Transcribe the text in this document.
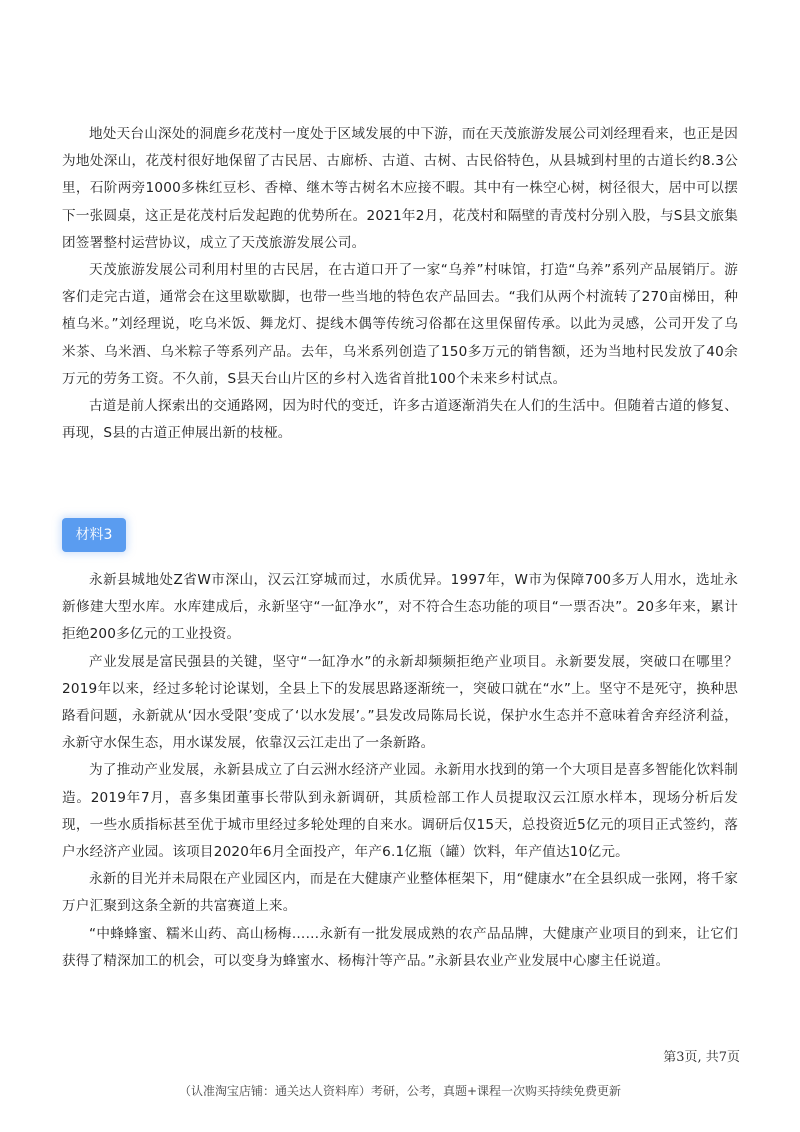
地处天台山深处的洞鹿乡花茂村一度处于区域发展的中下游，而在天茂旅游发展公司刘经理看来，也正是因为地处深山，花茂村很好地保留了古民居、古廊桥、古道、古树、古民俗特色，从县城到村里的古道长约8.3公里，石阶两旁1000多株红豆杉、香樟、继木等古树名木应接不暇。其中有一株空心树，树径很大，居中可以摆下一张圆桌，这正是花茂村后发起跑的优势所在。2021年2月，花茂村和隔壁的青茂村分别入股，与S县文旅集团签署整村运营协议，成立了天茂旅游发展公司。

天茂旅游发展公司利用村里的古民居，在古道口开了一家“乌养”村味馆，打造“乌养”系列产品展销厅。游客们走完古道，通常会在这里歇歇脚，也带一些当地的特色农产品回去。“我们从两个村流转了270亩梯田，种植乌米。”刘经理说，吃乌米饭、舞龙灯、提线木偶等传统习俗都在这里保留传承。以此为灵感，公司开发了乌米茶、乌米酒、乌米粽子等系列产品。去年，乌米系列创造了150多万元的销售额，还为当地村民发放了40余万元的劳务工资。不久前，S县天台山片区的乡村入选省首批100个未来乡村试点。

古道是前人探索出的交通路网，因为时代的变迁，许多古道逐渐消失在人们的生活中。但随着古道的修复、再现，S县的古道正伸展出新的枝桠。

材料3

永新县城地处Z省W市深山，汉云江穿城而过，水质优异。1997年，W市为保障700多万人用水，选址永新修建大型水库。水库建成后，永新坚守“一缸净水”，对不符合生态功能的项目“一票否决”。20多年来，累计拒绝200多亿元的工业投资。

产业发展是富民强县的关键，坚守“一缸净水”的永新却频频拒绝产业项目。永新要发展，突破口在哪里？2019年以来，经过多轮讨论谋划，全县上下的发展思路逐渐统一，突破口就在“水”上。坚守不是死守，换种思路看问题，永新就从‘因水受限’变成了‘以水发展’。”县发改局陈局长说，保护水生态并不意味着舍弃经济利益，永新守水保生态，用水谋发展，依靠汉云江走出了一条新路。

为了推动产业发展，永新县成立了白云洲水经济产业园。永新用水找到的第一个大项目是喜多智能化饮料制造。2019年7月，喜多集团董事长带队到永新调研，其质检部工作人员提取汉云江原水样本，现场分析后发现，一些水质指标甚至优于城市里经过多轮处理的自来水。调研后仅15天，总投资近5亿元的项目正式签约，落户水经济产业园。该项目2020年6月全面投产，年产6.1亿瓶（罐）饮料，年产值达10亿元。

永新的目光并未局限在产业园区内，而是在大健康产业整体框架下，用“健康水”在全县织成一张网，将千家万户汇聚到这条全新的共富赛道上来。

“中蜂蜂蜜、糯米山药、高山杨梅……永新有一批发展成熟的农产品品牌，大健康产业项目的到来，让它们获得了精深加工的机会，可以变身为蜂蜜水、杨梅汁等产品。”永新县农业产业发展中心廖主任说道。

第3页, 共7页
（认准淘宝店铺：通关达人资料库）考研，公考，真题+课程一次购买持续免费更新
